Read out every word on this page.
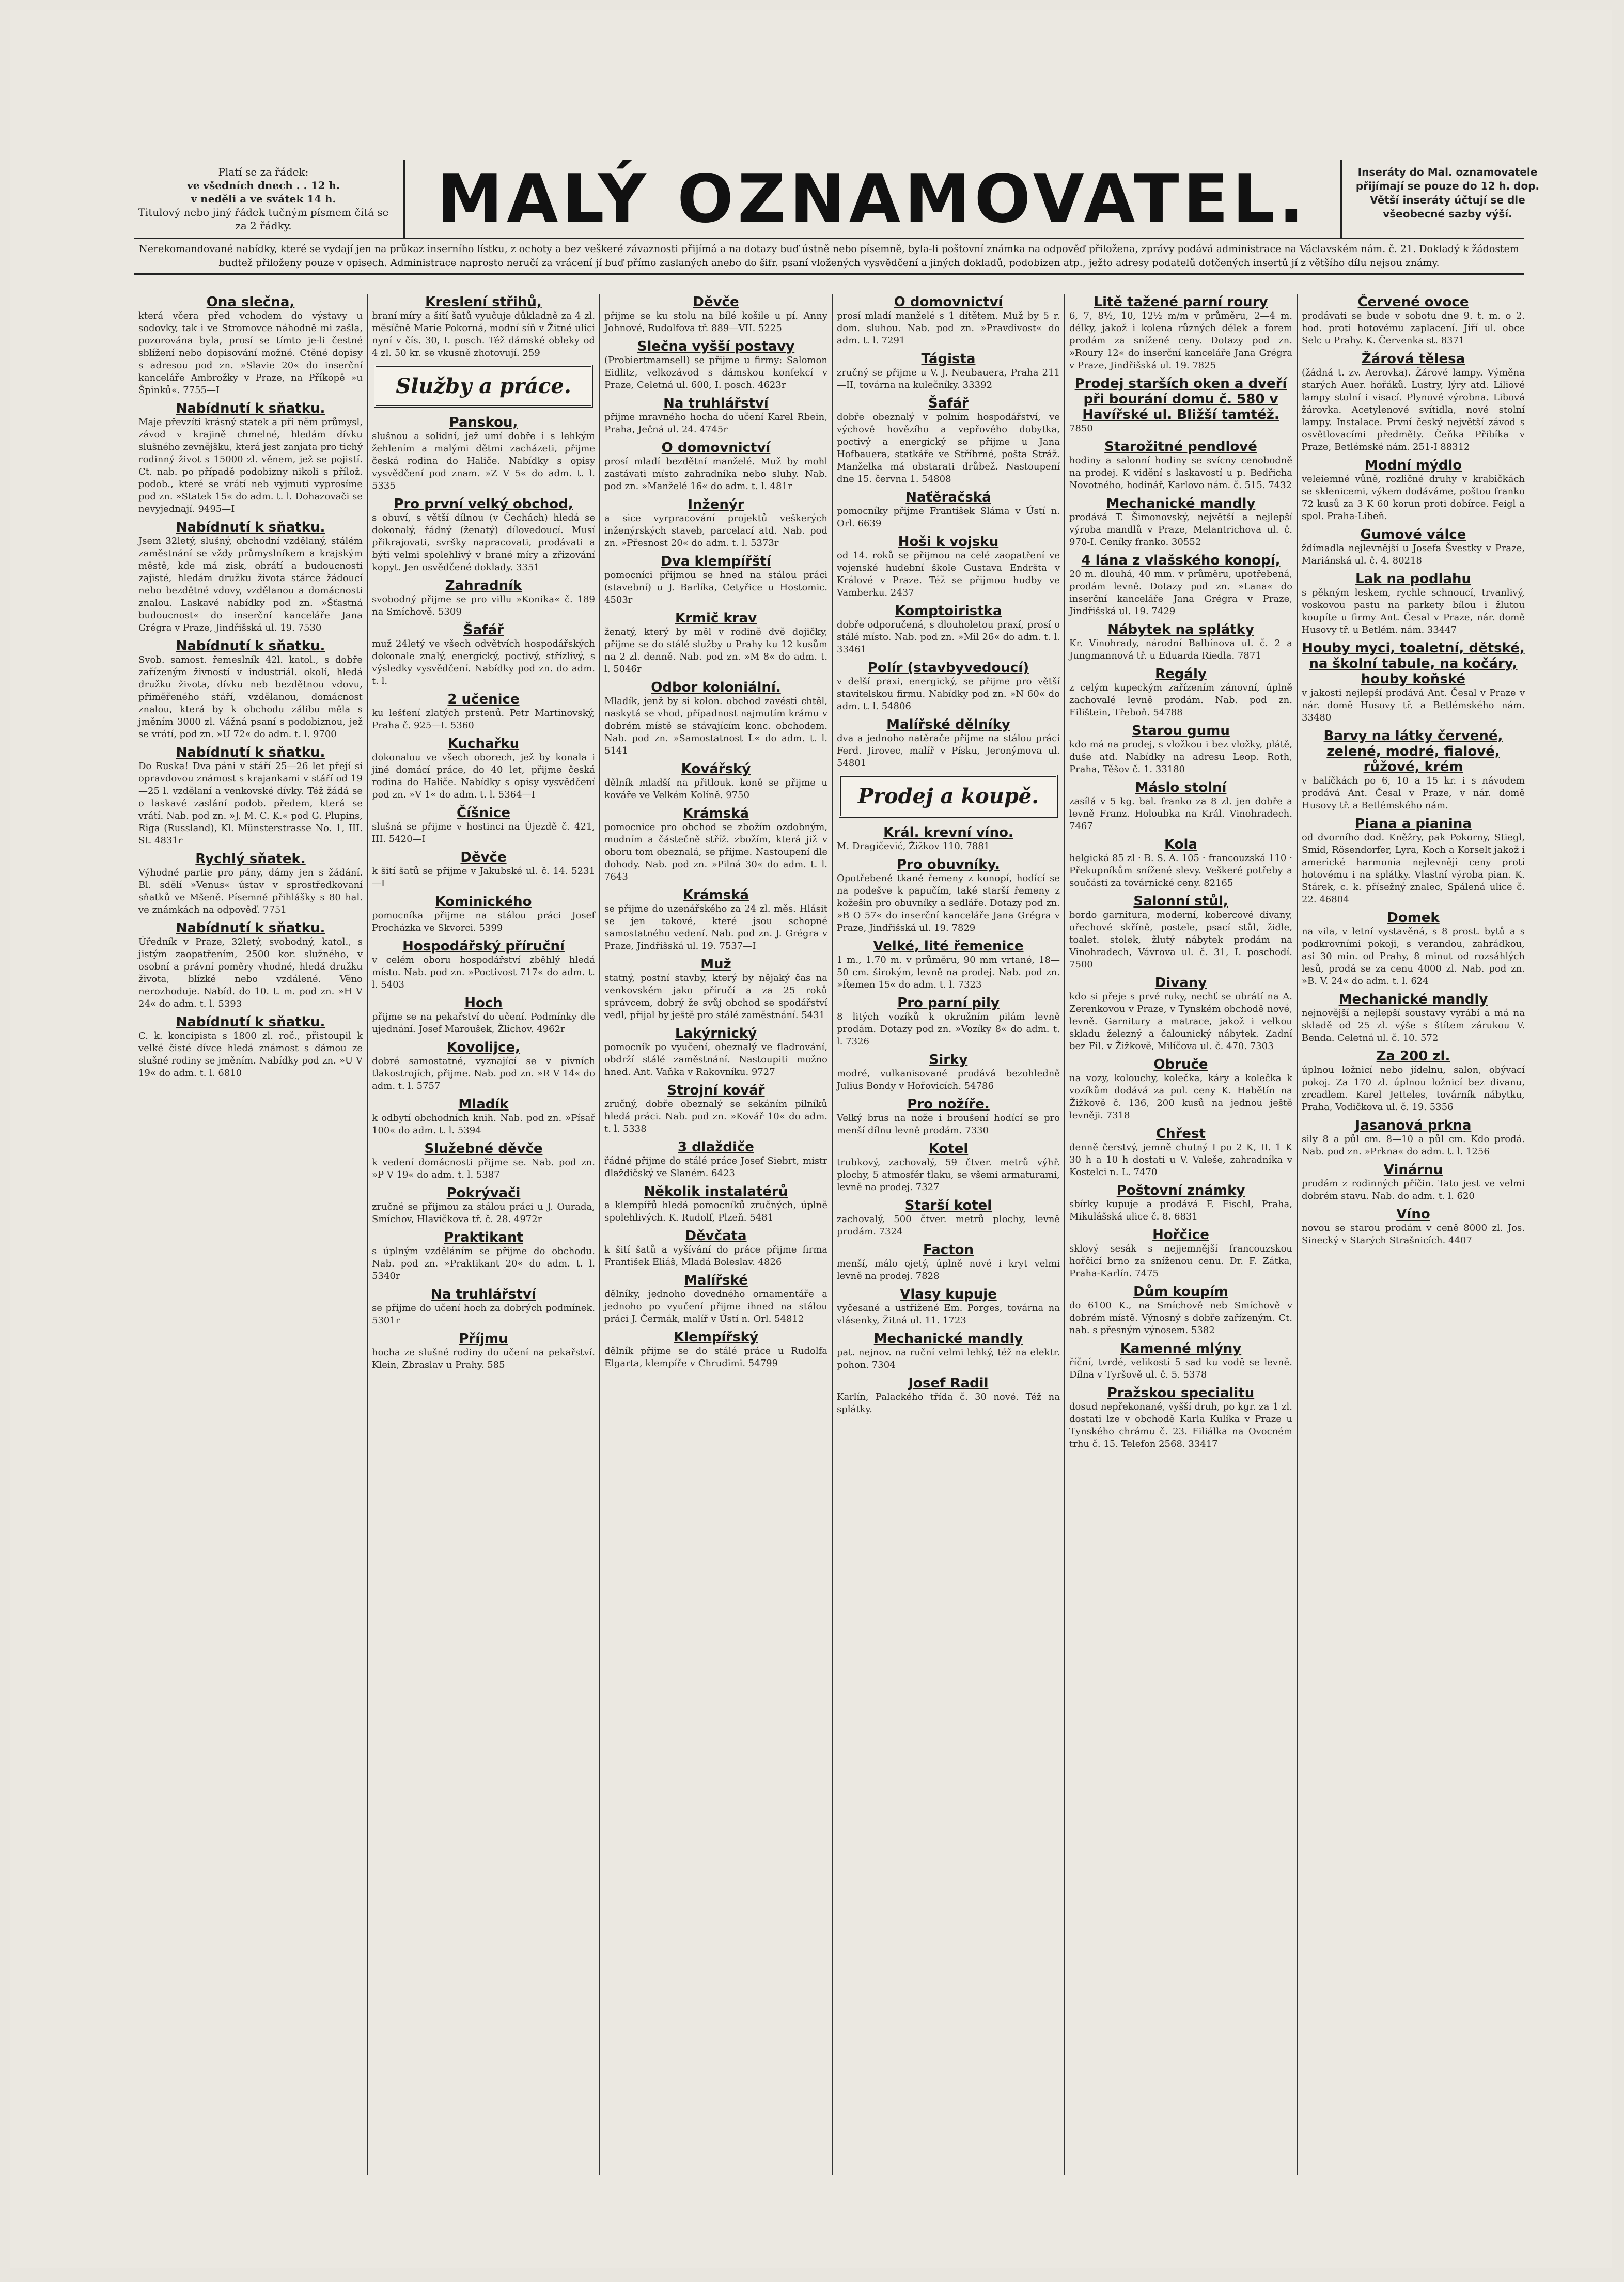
Platí se za řádek:
ve všedních dnech . . 12 h.
v neděli a ve svátek 14 h.
Titulový nebo jiný řádek tučným písmem čítá se za 2 řádky.	MALÝ OZNAMOVATEL.	Inseráty do Mal. oznamovatele přijímají se pouze do 12 h. dop.
Větší inseráty účtují se dle všeobecné sazby výší.
Nerekomandované nabídky, které se vydají jen na průkaz inserního lístku, z ochoty a bez veškeré závaznosti přijímá a na dotazy buď ústně nebo písemně, byla-li poštovní známka na odpověď přiložena, zprávy podává administrace na Václavském nám. č. 21. Dokladý k žádostem budtež přiloženy pouze v opisech. Administrace naprosto neručí za vrácení jí buď přímo zaslaných anebo do šifr. psaní vložených vysvědčení a jiných dokladů, podobizen atp., ježto adresy podatelů dotčených insertů jí z většího dílu nejsou známy.
Ona slečna,
která včera před vchodem do výstavy u sodovky, tak i ve Stromovce náhodně mi zašla, pozorována byla, prosí se tímto je-li čestné sblížení nebo dopisování možné. Ctěné dopisy s adresou pod zn. »Slavie 20« do inserční kanceláře Ambrožky v Praze, na Příkopě »u Špinků«. 7755—I
Nabídnutí k sňatku.
Maje převzíti krásný statek a při něm průmysl, závod v krajině chmelné, hledám dívku slušného zevnějšku, která jest zanjata pro tichý rodinný život s 15000 zl. věnem, jež se pojistí. Ct. nab. po případě podobizny nikoli s přílož. podob., které se vrátí neb vyjmuti vyprosíme pod zn. »Statek 15« do adm. t. l. Dohazovači se nevyjednají. 9495—I
Nabídnutí k sňatku.
Jsem 32letý, slušný, obchodní vzdělaný, stálém zaměstnání se vždy průmyslníkem a krajským městě, kde má zisk, obrátí a budoucnosti zajisté, hledám družku života stárce žádoucí nebo bezdětné vdovy, vzdělanou a domácnosti znalou. Laskavé nabídky pod zn. »Šťastná budoucnost« do inserční kanceláře Jana Grégra v Praze, Jindřišská ul. 19. 7530
Nabídnutí k sňatku.
Svob. samost. řemeslník 42l. katol., s dobře zařízeným živností v industriál. okolí, hledá družku života, dívku neb bezdětnou vdovu, přiměřeného stáří, vzdělanou, domácnost znalou, která by k obchodu zálibu měla s jměním 3000 zl. Vážná psaní s podobiznou, jež se vrátí, pod zn. »U 72« do adm. t. l. 9700
Nabídnutí k sňatku.
Do Ruska! Dva páni v stáří 25—26 let přejí si opravdovou známost s krajankami v stáří od 19—25 l. vzdělaní a venkovské dívky. Též žádá se o laskavé zaslání podob. předem, která se vrátí. Nab. pod zn. »J. M. C. K.« pod G. Plupins, Riga (Russland), Kl. Münsterstrasse No. 1, III. St. 4831r
Rychlý sňatek.
Výhodné partie pro pány, dámy jen s žádání. Bl. sdělí »Venus« ústav v sprostředkovaní sňatků ve Mšeně. Písemné přihlášky s 80 hal. ve známkách na odpověď. 7751
Nabídnutí k sňatku.
Úředník v Praze, 32letý, svobodný, katol., s jistým zaopatřením, 2500 kor. služného, v osobní a právní poměry vhodné, hledá družku života, blízké nebo vzdálené. Věno nerozhoduje. Nabíd. do 10. t. m. pod zn. »H V 24« do adm. t. l. 5393
Nabídnutí k sňatku.
C. k. koncipista s 1800 zl. roč., přistoupil k velké čisté dívce hledá známost s dámou ze slušné rodiny se jměním. Nabídky pod zn. »U V 19« do adm. t. l. 6810
Kreslení střihů,
braní míry a šití šatů vyučuje důkladně za 4 zl. měsíčně Marie Pokorná, modní síň v Žitné ulici nyní v čís. 30, I. posch. Též dámské obleky od 4 zl. 50 kr. se vkusně zhotovují. 259
Služby a práce.
Panskou,
slušnou a solidní, jež umí dobře i s lehkým žehlením a malými dětmi zacházeti, přijme česká rodina do Haliče. Nabídky s opisy vysvědčení pod znam. »Z V 5« do adm. t. l. 5335
Pro první velký obchod,
s obuví, s větší dílnou (v Čechách) hledá se dokonalý, řádný (ženatý) dílovedoucí. Musí přikrajovati, svršky napracovati, prodávati a býti velmi spolehlivý v brané míry a zřizování kopyt. Jen osvědčené doklady. 3351
Zahradník
svobodný přijme se pro villu »Konika« č. 189 na Smíchově. 5309
Šafář
muž 24letý ve všech odvětvích hospodářských dokonale znalý, energický, poctivý, střízlivý, s výsledky vysvědčení. Nabídky pod zn. do adm. t. l.
2 učenice
ku lešťení zlatých prstenů. Petr Martinovský, Praha č. 925—I. 5360
Kuchařku
dokonalou ve všech oborech, jež by konala i jiné domácí práce, do 40 let, přijme česká rodina do Haliče. Nabídky s opisy vysvědčení pod zn. »V 1« do adm. t. l. 5364—I
Číšnice
slušná se přijme v hostinci na Újezdě č. 421, III. 5420—I
Děvče
k šití šatů se přijme v Jakubské ul. č. 14. 5231—I
Kominického
pomocníka přijme na stálou práci Josef Procházka ve Skvorci. 5399
Hospodářský příruční
v celém oboru hospodářství zběhlý hledá místo. Nab. pod zn. »Poctivost 717« do adm. t. l. 5403
Hoch
přijme se na pekařství do učení. Podmínky dle ujednání. Josef Maroušek, Žlichov. 4962r
Kovolijce,
dobré samostatné, vyznající se v pivních tlakostrojích, přijme. Nab. pod zn. »R V 14« do adm. t. l. 5757
Mladík
k odbytí obchodních knih. Nab. pod zn. »Písař 100« do adm. t. l. 5394
Služebné děvče
k vedení domácnosti přijme se. Nab. pod zn. »P V 19« do adm. t. l. 5387
Pokrývači
zručné se přijmou za stálou práci u J. Ourada, Smíchov, Hlavičkova tř. č. 28. 4972r
Praktikant
s úplným vzděláním se přijme do obchodu. Nab. pod zn. »Praktikant 20« do adm. t. l. 5340r
Na truhlářství
se přijme do učení hoch za dobrých podmínek. 5301r
Příjmu
hocha ze slušné rodiny do učení na pekařství. Klein, Zbraslav u Prahy. 585
Děvče
přijme se ku stolu na bílé košile u pí. Anny Johnové, Rudolfova tř. 889—VII. 5225
Slečna vyšší postavy
(Probiertmamsell) se přijme u firmy: Salomon Eidlitz, velkozávod s dámskou konfekcí v Praze, Celetná ul. 600, I. posch. 4623r
Na truhlářství
přijme mravného hocha do učení Karel Rbein, Praha, Ječná ul. 24. 4745r
O domovnictví
prosí mladí bezdětní manželé. Muž by mohl zastávati místo zahradníka nebo sluhy. Nab. pod zn. »Manželé 16« do adm. t. l. 481r
Inženýr
a sice vyrpracování projektů veškerých inženýrských staveb, parcelací atd. Nab. pod zn. »Přesnost 20« do adm. t. l. 5373r
Dva klempířští
pomocníci přijmou se hned na stálou práci (stavební) u J. Barlíka, Cetyřice u Hostomic. 4503r
Krmič krav
ženatý, který by měl v rodině dvě dojičky, přijme se do stálé služby u Prahy ku 12 kusům na 2 zl. denně. Nab. pod zn. »M 8« do adm. t. l. 5046r
Odbor koloniální.
Mladík, jenž by si kolon. obchod zavésti chtěl, naskytá se vhod, případnost najmutím krámu v dobrém místě se stávajícím konc. obchodem. Nab. pod zn. »Samostatnost L« do adm. t. l. 5141
Kovářský
dělník mladší na přitlouk. koně se přijme u kováře ve Velkém Kolíně. 9750
Krámská
pomocnice pro obchod se zbožím ozdobným, modním a částečně stříž. zbožím, která již v oboru tom obeznalá, se přijme. Nastoupení dle dohody. Nab. pod zn. »Pilná 30« do adm. t. l. 7643
Krámská
se přijme do uzenářského za 24 zl. měs. Hlásit se jen takové, které jsou schopné samostatného vedení. Nab. pod zn. J. Grégra v Praze, Jindřišská ul. 19. 7537—I
Muž
statný, postní stavby, který by nějaký čas na venkovském jako příručí a za 25 roků správcem, dobrý že svůj obchod se spodářství vedl, přijal by ještě pro stálé zaměstnání. 5431
Lakýrnický
pomocník po vyučení, obeznalý ve fladrování, obdrží stálé zaměstnání. Nastoupiti možno hned. Ant. Vaňka v Rakovníku. 9727
Strojní kovář
zručný, dobře obeznalý se sekáním pilníků hledá práci. Nab. pod zn. »Kovář 10« do adm. t. l. 5338
3 dlaždiče
řádné přijme do stálé práce Josef Siebrt, mistr dlaždičský ve Slaném. 6423
Několik instalatérů
a klempířů hledá pomocníků zručných, úplně spolehlivých. K. Rudolf, Plzeň. 5481
Děvčata
k šití šatů a vyšívání do práce přijme firma František Eliáš, Mladá Boleslav. 4826
Malířské
dělníky, jednoho dovedného ornamentáře a jednoho po vyučení přijme ihned na stálou práci J. Čermák, malíř v Ústí n. Orl. 54812
Klempířský
dělník přijme se do stálé práce u Rudolfa Elgarta, klempíře v Chrudimi. 54799
O domovnictví
prosí mladí manželé s 1 dítětem. Muž by 5 r. dom. sluhou. Nab. pod zn. »Pravdivost« do adm. t. l. 7291
Tágista
zručný se přijme u V. J. Neubauera, Praha 211—II, továrna na kulečníky. 33392
Šafář
dobře obeznalý v polním hospodářství, ve výchově hovězího a vepřového dobytka, poctivý a energický se přijme u Jana Hofbauera, statkáře ve Stříbrné, pošta Stráž. Manželka má obstarati drůbež. Nastoupení dne 15. června 1. 54808
Naťěračská
pomocníky přijme František Sláma v Ústí n. Orl. 6639
Hoši k vojsku
od 14. roků se přijmou na celé zaopatření ve vojenské hudební škole Gustava Endršta v Králové v Praze. Též se přijmou hudby ve Vamberku. 2437
Komptoiristka
dobře odporučená, s dlouholetou praxí, prosí o stálé místo. Nab. pod zn. »Mil 26« do adm. t. l. 33461
Polír (stavbyvedoucí)
v delší praxi, energický, se přijme pro větší stavitelskou firmu. Nabídky pod zn. »N 60« do adm. t. l. 54806
Malířské dělníky
dva a jednoho natěrače přijme na stálou práci Ferd. Jirovec, malíř v Písku, Jeronýmova ul. 54801
Prodej a koupě.
Král. krevní víno.
M. Dragičević, Žižkov 110. 7881
Pro obuvníky.
Opotřebené tkané řemeny z konopí, hodící se na podešve k papučím, také starší řemeny z kožešin pro obuvníky a sedláře. Dotazy pod zn. »B O 57« do inserční kanceláře Jana Grégra v Praze, Jindřišská ul. 19. 7829
Velké, lité řemenice
1 m., 1.70 m. v průměru, 90 mm vrtané, 18—50 cm. širokým, levně na prodej. Nab. pod zn. »Řemen 15« do adm. t. l. 7323
Pro parní pily
8 litých vozíků k okružním pilám levně prodám. Dotazy pod zn. »Vozíky 8« do adm. t. l. 7326
Sirky
modré, vulkanisované prodává bezohledně Julius Bondy v Hořovicích. 54786
Pro nožíře.
Velký brus na nože i broušení hodící se pro menší dílnu levně prodám. 7330
Kotel
trubkový, zachovalý, 59 čtver. metrů výhř. plochy, 5 atmosfér tlaku, se všemi armaturami, levně na prodej. 7327
Starší kotel
zachovalý, 500 čtver. metrů plochy, levně prodám. 7324
Facton
menší, málo ojetý, úplně nové i kryt velmi levně na prodej. 7828
Vlasy kupuje
vyčesané a ustřižené Em. Porges, továrna na vlásenky, Žitná ul. 11. 1723
Mechanické mandly
pat. nejnov. na ruční velmi lehký, též na elektr. pohon. 7304
Josef Radil
Karlín, Palackého třída č. 30 nové. Též na splátky.
Litě tažené parní roury
6, 7, 8½, 10, 12½ m/m v průměru, 2—4 m. délky, jakož i kolena různých délek a forem prodám za snížené ceny. Dotazy pod zn. »Roury 12« do inserční kanceláře Jana Grégra v Praze, Jindřišská ul. 19. 7825
Prodej starších oken a dveří při bourání domu č. 580 v Havířské ul. Bližší tamtéž.
7850
Starožitné pendlové
hodiny a salonní hodiny se svícny cenobodně na prodej. K vidění s laskavostí u p. Bedřicha Novotného, hodinář, Karlovo nám. č. 515. 7432
Mechanické mandly
prodává T. Šimonovský, největší a nejlepší výroba mandlů v Praze, Melantrichova ul. č. 970-I. Ceníky franko. 30552
4 lána z vlašského konopí,
20 m. dlouhá, 40 mm. v průměru, upotřebená, prodám levně. Dotazy pod zn. »Lana« do inserční kanceláře Jana Grégra v Praze, Jindřišská ul. 19. 7429
Nábytek na splátky
Kr. Vinohrady, národní Balbínova ul. č. 2 a Jungmannová tř. u Eduarda Riedla. 7871
Regály
z celým kupeckým zařízením zánovní, úplně zachovalé levně prodám. Nab. pod zn. Filištein, Třeboň. 54788
Starou gumu
kdo má na prodej, s vložkou i bez vložky, plátě, duše atd. Nabídky na adresu Leop. Roth, Praha, Těšov č. 1. 33180
Máslo stolní
zasílá v 5 kg. bal. franko za 8 zl. jen dobře a levně Franz. Holoubka na Král. Vinohradech. 7467
Kola
helgická 85 zl · B. S. A. 105 · francouzská 110 · Překupníkům snížené slevy. Veškeré potřeby a součásti za továrnické ceny. 82165
Salonní stůl,
bordo garnitura, moderní, kobercové divany, ořechové skříně, postele, psací stůl, židle, toalet. stolek, žlutý nábytek prodám na Vinohradech, Vávrova ul. č. 31, I. poschodí. 7500
Divany
kdo si přeje s prvé ruky, nechť se obrátí na A. Zerenkovou v Praze, v Tynském obchodě nové, levně. Garnitury a matrace, jakož i velkou skladu železný a čalounický nábytek. Zadní bez Fil. v Žižkově, Milíčova ul. č. 470. 7303
Obruče
na vozy, kolouchy, kolečka, káry a kolečka k vozíkům dodává za pol. ceny K. Habětín na Žižkově č. 136, 200 kusů na jednou ještě levněji. 7318
Chřest
denně čerstvý, jemně chutný I po 2 K, II. 1 K 30 h a 10 h dostati u V. Valeše, zahradníka v Kostelci n. L. 7470
Poštovní známky
sbírky kupuje a prodává F. Fischl, Praha, Mikulášská ulice č. 8. 6831
Hořčice
sklový sesák s nejjemnější francouzskou hořčicí brno za sníženou cenu. Dr. F. Zátka, Praha-Karlín. 7475
Dům koupím
do 6100 K., na Smíchově neb Smíchově v dobrém místě. Výnosný s dobře zařízeným. Ct. nab. s přesným výnosem. 5382
Kamenné mlýny
říční, tvrdé, velikosti 5 sad ku vodě se levně. Dílna v Tyršově ul. č. 5. 5378
Pražskou specialitu
dosud nepřekonané, vyšší druh, po kgr. za 1 zl. dostati lze v obchodě Karla Kulíka v Praze u Tynského chrámu č. 23. Filiálka na Ovocném trhu č. 15. Telefon 2568. 33417
Červené ovoce
prodávati se bude v sobotu dne 9. t. m. o 2. hod. proti hotovému zaplacení. Jiří ul. obce Selc u Prahy. K. Červenka st. 8371
Žárová tělesa
(žádná t. zv. Aerovka). Žárové lampy. Výměna starých Auer. hořáků. Lustry, lýry atd. Liliové lampy stolní i visací. Plynové výrobna. Libová žárovka. Acetylenové svítidla, nové stolní lampy. Instalace. První český největší závod s osvětlovacími předměty. Čeňka Přibíka v Praze, Betlémské nám. 251-I 88312
Modní mýdlo
veleiemné vůně, rozličné druhy v krabičkách se sklenicemi, výkem dodáváme, poštou franko 72 kusů za 3 K 60 korun proti dobírce. Feigl a spol. Praha-Libeň.
Gumové válce
ždímadla nejlevnější u Josefa Švestky v Praze, Mariánská ul. č. 4. 80218
Lak na podlahu
s pěkným leskem, rychle schnoucí, trvanlivý, voskovou pastu na parkety bílou i žlutou koupíte u firmy Ant. Česal v Praze, nár. domě Husovy tř. u Betlém. nám. 33447
Houby myci, toaletní, dětské, na školní tabule, na kočáry, houby koňské
v jakosti nejlepší prodává Ant. Česal v Praze v nár. domě Husovy tř. a Betlémského nám. 33480
Barvy na látky červené, zelené, modré, fialové, růžové, krém
v balíčkách po 6, 10 a 15 kr. i s návodem prodává Ant. Česal v Praze, v nár. domě Husovy tř. a Betlémského nám.
Piana a pianina
od dvorního dod. Kněžry, pak Pokorny, Stiegl, Smid, Rösendorfer, Lyra, Koch a Korselt jakož i americké harmonia nejlevněji ceny proti hotovému i na splátky. Vlastní výroba pian. K. Stárek, c. k. přísežný znalec, Spálená ulice č. 22. 46804
Domek
na vila, v letní vystavěná, s 8 prost. bytů a s podkrovními pokoji, s verandou, zahrádkou, asi 30 min. od Prahy, 8 minut od rozsáhlých lesů, prodá se za cenu 4000 zl. Nab. pod zn. »B. V. 24« do adm. t. l. 624
Mechanické mandly
nejnovější a nejlepší soustavy vyrábí a má na skladě od 25 zl. výše s štítem zárukou V. Benda. Celetná ul. č. 10. 572
Za 200 zl.
úplnou ložnicí nebo jídelnu, salon, obývací pokoj. Za 170 zl. úplnou ložnicí bez divanu, zrcadlem. Karel Jetteles, továrník nábytku, Praha, Vodičkova ul. č. 19. 5356
Jasanová prkna
sily 8 a půl cm. 8—10 a půl cm. Kdo prodá. Nab. pod zn. »Prkna« do adm. t. l. 1256
Vinárnu
prodám z rodinných příčin. Tato jest ve velmi dobrém stavu. Nab. do adm. t. l. 620
Víno
novou se starou prodám v ceně 8000 zl. Jos. Sinecký v Starých Strašnicích. 4407
